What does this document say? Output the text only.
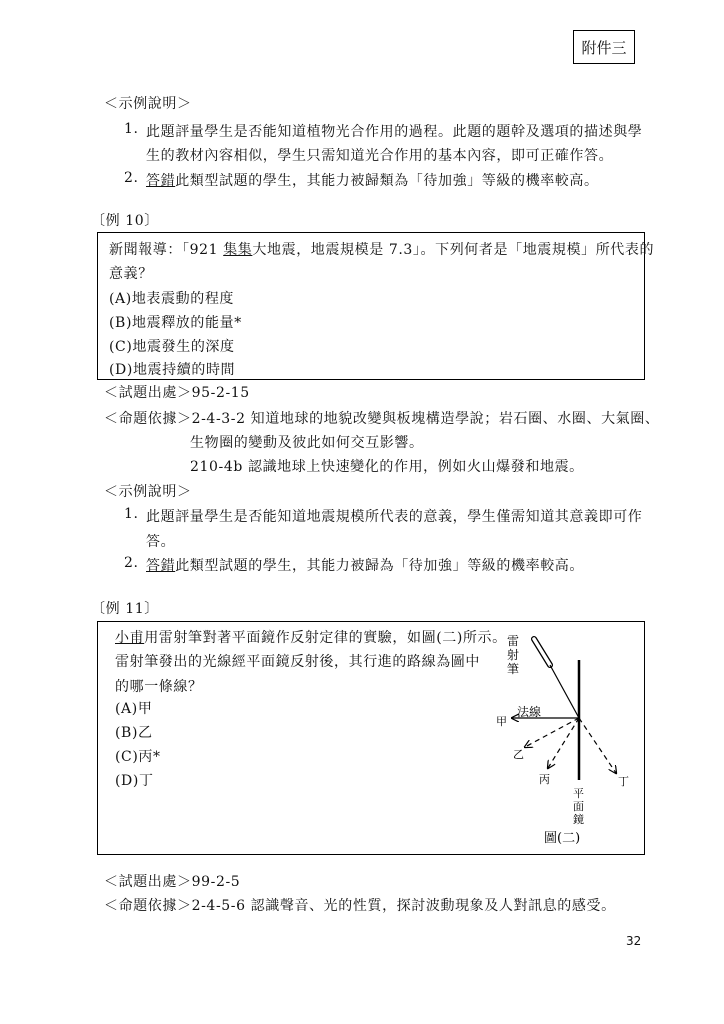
附件三
＜示例說明＞
1. 此題評量學生是否能知道植物光合作用的過程。此題的題幹及選項的描述與學
生的教材內容相似，學生只需知道光合作用的基本內容，即可正確作答。
2. 答錯此類型試題的學生，其能力被歸類為「待加強」等級的機率較高。
〔例 10〕
新聞報導：「921 集集大地震，地震規模是 7.3」。下列何者是「地震規模」所代表的
意義？
(A)地表震動的程度
(B)地震釋放的能量*
(C)地震發生的深度
(D)地震持續的時間
＜試題出處＞95-2-15
＜命題依據＞2-4-3-2 知道地球的地貌改變與板塊構造學說；岩石圈、水圈、大氣圈、
生物圈的變動及彼此如何交互影響。
210-4b 認識地球上快速變化的作用，例如火山爆發和地震。
＜示例說明＞
1. 此題評量學生是否能知道地震規模所代表的意義，學生僅需知道其意義即可作
答。
2. 答錯此類型試題的學生，其能力被歸為「待加強」等級的機率較高。
〔例 11〕
小甫用雷射筆對著平面鏡作反射定律的實驗，如圖(二)所示。
雷射筆發出的光線經平面鏡反射後，其行進的路線為圖中
的哪一條線？
(A)甲
(B)乙
(C)丙*
(D)丁
雷
射
筆
法線
甲
乙
丙	丁
平
面
鏡
圖(二)
＜試題出處＞99-2-5
＜命題依據＞2-4-5-6 認識聲音、光的性質，探討波動現象及人對訊息的感受。
32
